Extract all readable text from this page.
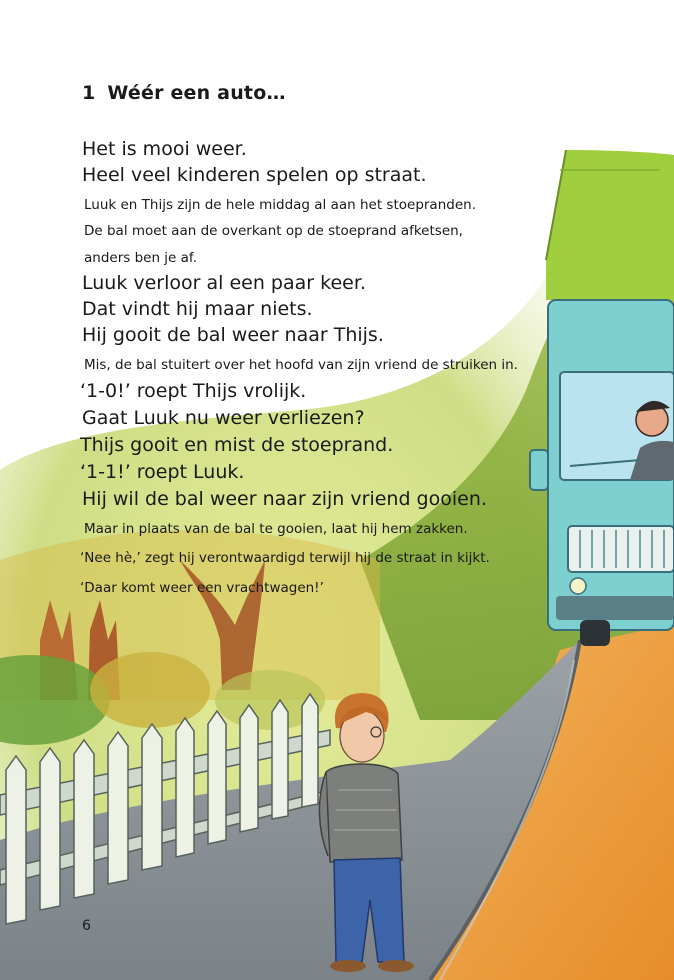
1 Wéér een auto…
Het is mooi weer.
Heel veel kinderen spelen op straat.
Luuk en Thijs zijn de hele middag al aan het stoepranden.
De bal moet aan de overkant op de stoeprand afketsen,
anders ben je af.
Luuk verloor al een paar keer.
Dat vindt hij maar niets.
Hij gooit de bal weer naar Thijs.
Mis, de bal stuitert over het hoofd van zijn vriend de struiken in.
‘1-0!’ roept Thijs vrolijk.
Gaat Luuk nu weer verliezen?
Thijs gooit en mist de stoeprand.
‘1-1!’ roept Luuk.
Hij wil de bal weer naar zijn vriend gooien.
Maar in plaats van de bal te gooien, laat hij hem zakken.
‘Nee hè,’ zegt hij verontwaardigd terwijl hij de straat in kijkt.
‘Daar komt weer een vrachtwagen!’
6
